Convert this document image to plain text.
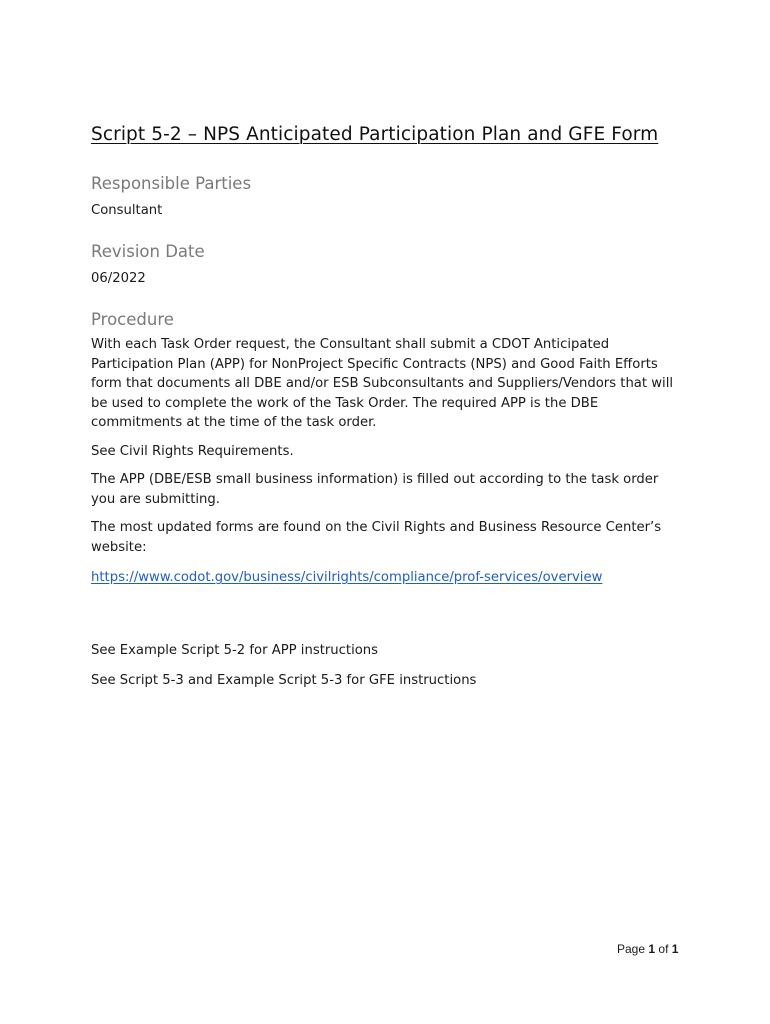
Script 5-2 – NPS Anticipated Participation Plan and GFE Form
Responsible Parties
Consultant
Revision Date
06/2022
Procedure

With each Task Order request, the Consultant shall submit a CDOT Anticipated Participation Plan (APP) for NonProject Specific Contracts (NPS) and Good Faith Efforts form that documents all DBE and/or ESB Subconsultants and Suppliers/Vendors that will be used to complete the work of the Task Order. The required APP is the DBE commitments at the time of the task order.

See Civil Rights Requirements.

The APP (DBE/ESB small business information) is filled out according to the task order you are submitting.

The most updated forms are found on the Civil Rights and Business Resource Center’s website:

https://www.codot.gov/business/civilrights/compliance/prof-services/overview

See Example Script 5-2 for APP instructions

See Script 5-3 and Example Script 5-3 for GFE instructions

Page 1 of 1
